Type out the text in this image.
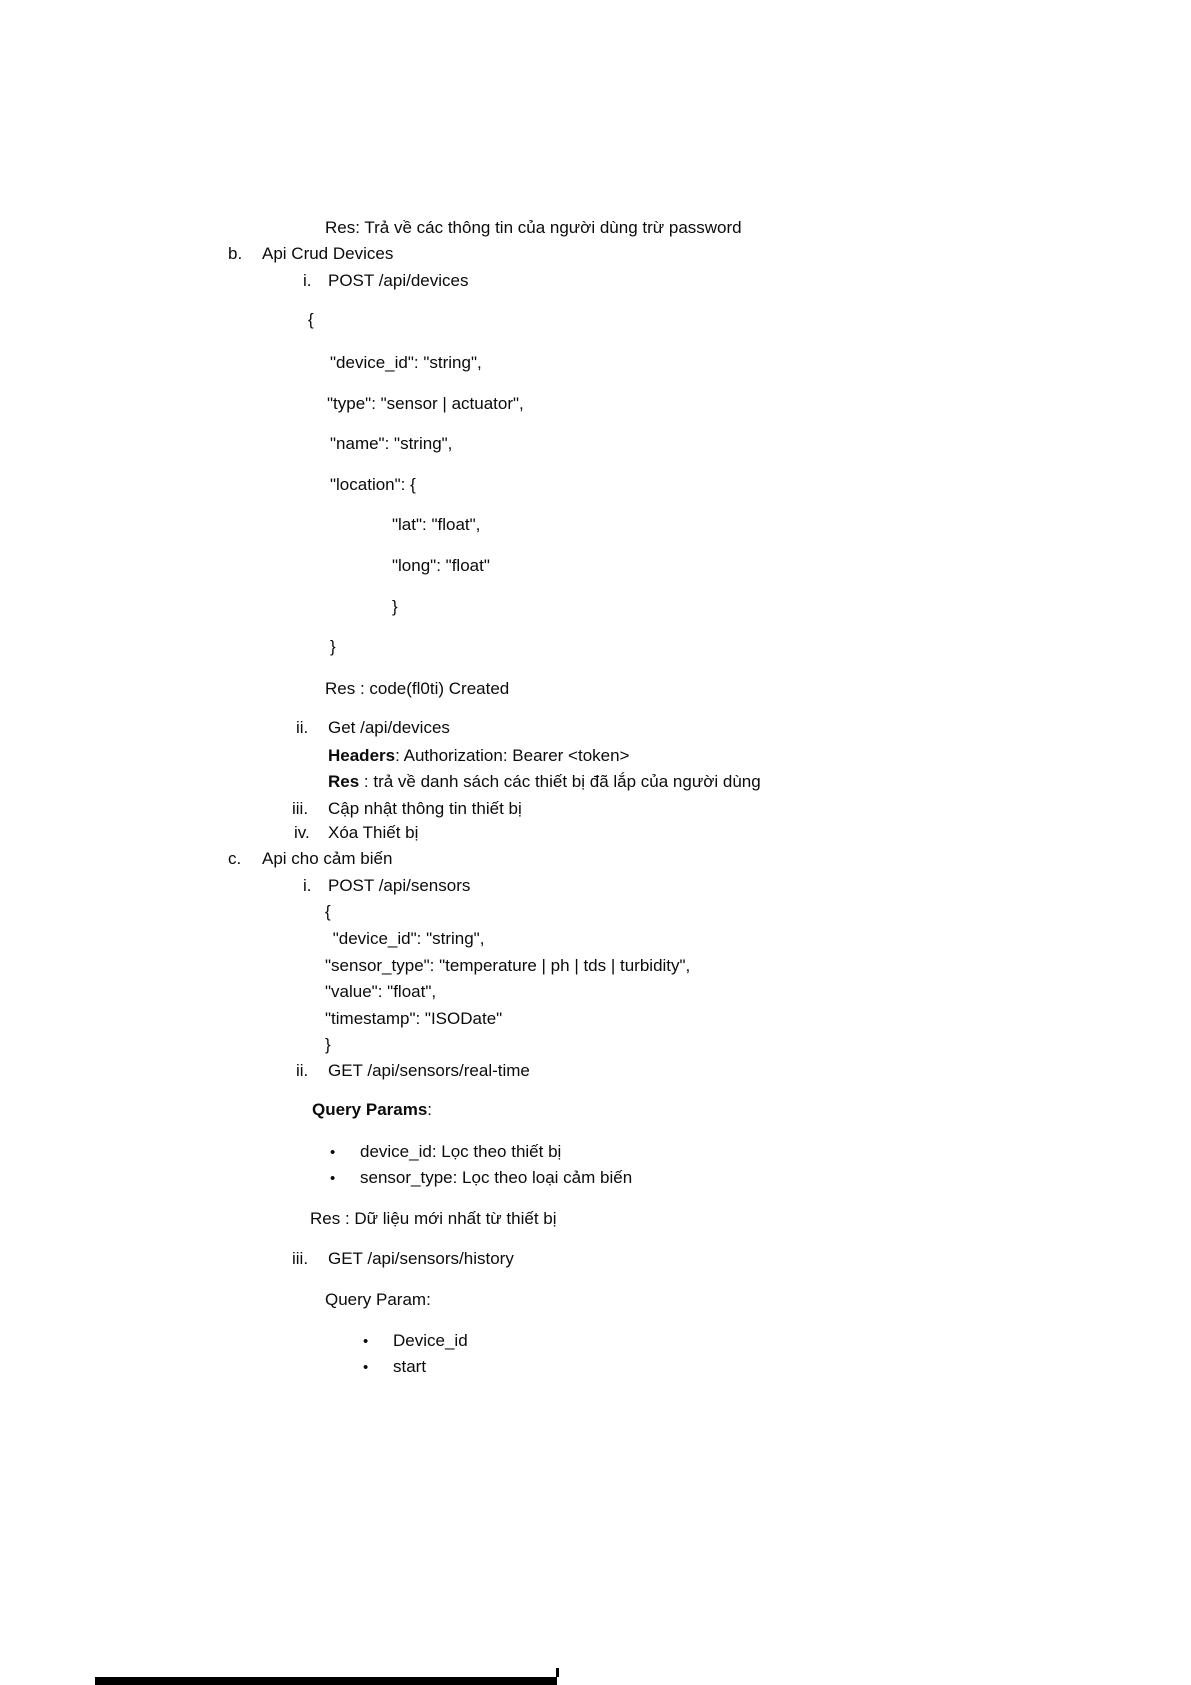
Res: Trả về các thông tin của người dùng trừ password
b. Api Crud Devices
i. POST /api/devices
{
"device_id": "string",
"type": "sensor | actuator",
"name": "string",
"location": {
"lat": "float",
"long": "float"
}
}
Res : code(fl0ti) Created
ii. Get /api/devices
Headers: Authorization: Bearer <token>
Res : trả về danh sách các thiết bị đã lắp của người dùng
iii. Cập nhật thông tin thiết bị
iv. Xóa Thiết bị
c. Api cho cảm biến
i. POST /api/sensors
{
"device_id": "string",
"sensor_type": "temperature | ph | tds | turbidity",
"value": "float",
"timestamp": "ISODate"
}
ii. GET /api/sensors/real-time
Query Params:
• device_id: Lọc theo thiết bị
• sensor_type: Lọc theo loại cảm biến
Res : Dữ liệu mới nhất từ thiết bị
iii. GET /api/sensors/history
Query Param:
• Device_id
• start
